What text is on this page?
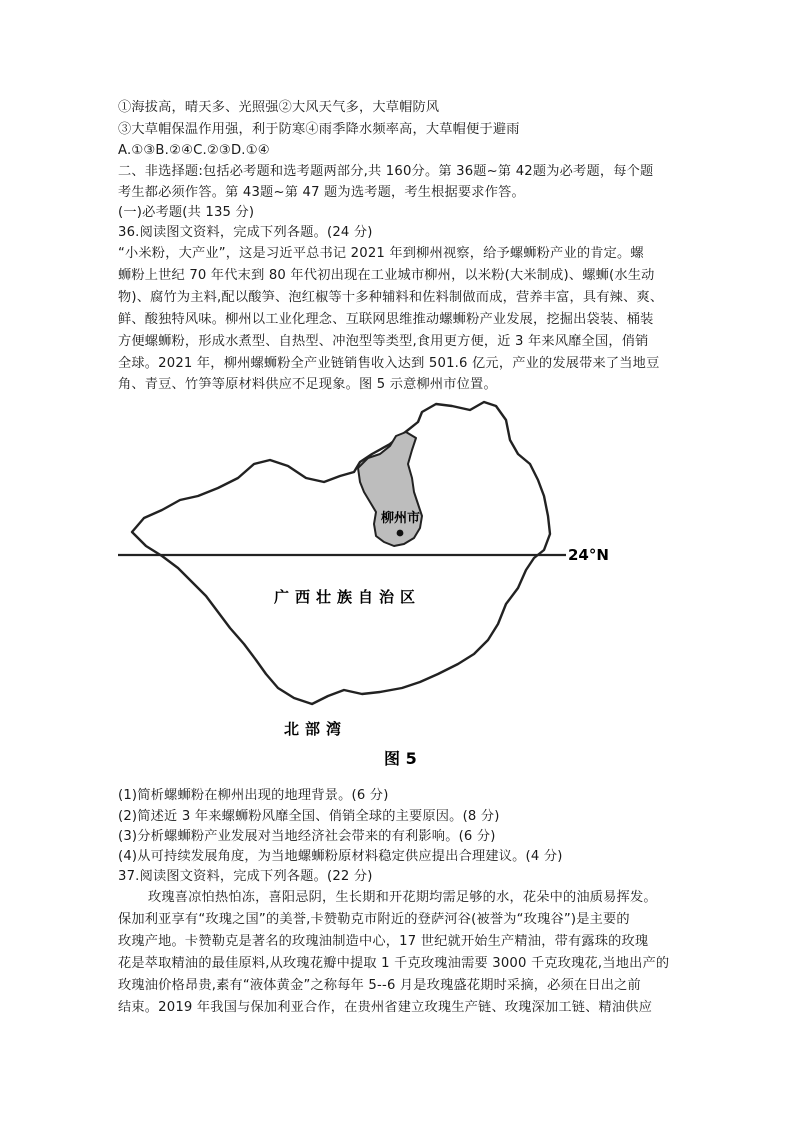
①海拔高，晴天多、光照强②大风天气多，大草帽防风
③大草帽保温作用强，利于防寒④雨季降水频率高，大草帽便于避雨
A.①③B.②④C.②③D.①④
二、非选择题:包括必考题和选考题两部分,共 160分。第 36题~第 42题为必考题，每个题
考生都必须作答。第 43题~第 47 题为选考题，考生根据要求作答。
(一)必考题(共 135 分)
36.阅读图文资料，完成下列各题。(24 分)
“小米粉，大产业”，这是习近平总书记 2021 年到柳州视察，给予螺蛳粉产业的肯定。螺
蛳粉上世纪 70 年代末到 80 年代初出现在工业城市柳州，以米粉(大米制成)、螺蛳(水生动
物)、腐竹为主料,配以酸笋、泡红椒等十多种辅料和佐料制做而成，营养丰富，具有辣、爽、
鲜、酸独特风味。柳州以工业化理念、互联网思维推动螺蛳粉产业发展，挖掘出袋装、桶装
方便螺蛳粉，形成水煮型、自热型、冲泡型等类型,食用更方便，近 3 年来风靡全国，俏销
全球。2021 年，柳州螺蛳粉全产业链销售收入达到 501.6 亿元，产业的发展带来了当地豆
角、青豆、竹笋等原材料供应不足现象。图 5 示意柳州市位置。
柳州市
24°N
广西壮族自治区
北部湾
图 5
(1)简析螺蛳粉在柳州出现的地理背景。(6 分)
(2)简述近 3 年来螺蛳粉风靡全国、俏销全球的主要原因。(8 分)
(3)分析螺蛳粉产业发展对当地经济社会带来的有利影响。(6 分)
(4)从可持续发展角度，为当地螺蛳粉原材料稳定供应提出合理建议。(4 分)
37.阅读图文资料，完成下列各题。(22 分)
玫瑰喜凉怕热怕冻，喜阳忌阴，生长期和开花期均需足够的水，花朵中的油质易挥发。
保加利亚享有“玫瑰之国”的美誉,卡赞勒克市附近的登萨河谷(被誉为“玫瑰谷”)是主要的
玫瑰产地。卡赞勒克是著名的玫瑰油制造中心，17 世纪就开始生产精油，带有露珠的玫瑰
花是萃取精油的最佳原料,从玫瑰花瓣中提取 1 千克玫瑰油需要 3000 千克玫瑰花,当地出产的
玫瑰油价格昂贵,素有“液体黄金”之称每年 5--6 月是玫瑰盛花期时采摘，必须在日出之前
结束。2019 年我国与保加利亚合作，在贵州省建立玫瑰生产链、玫瑰深加工链、精油供应
